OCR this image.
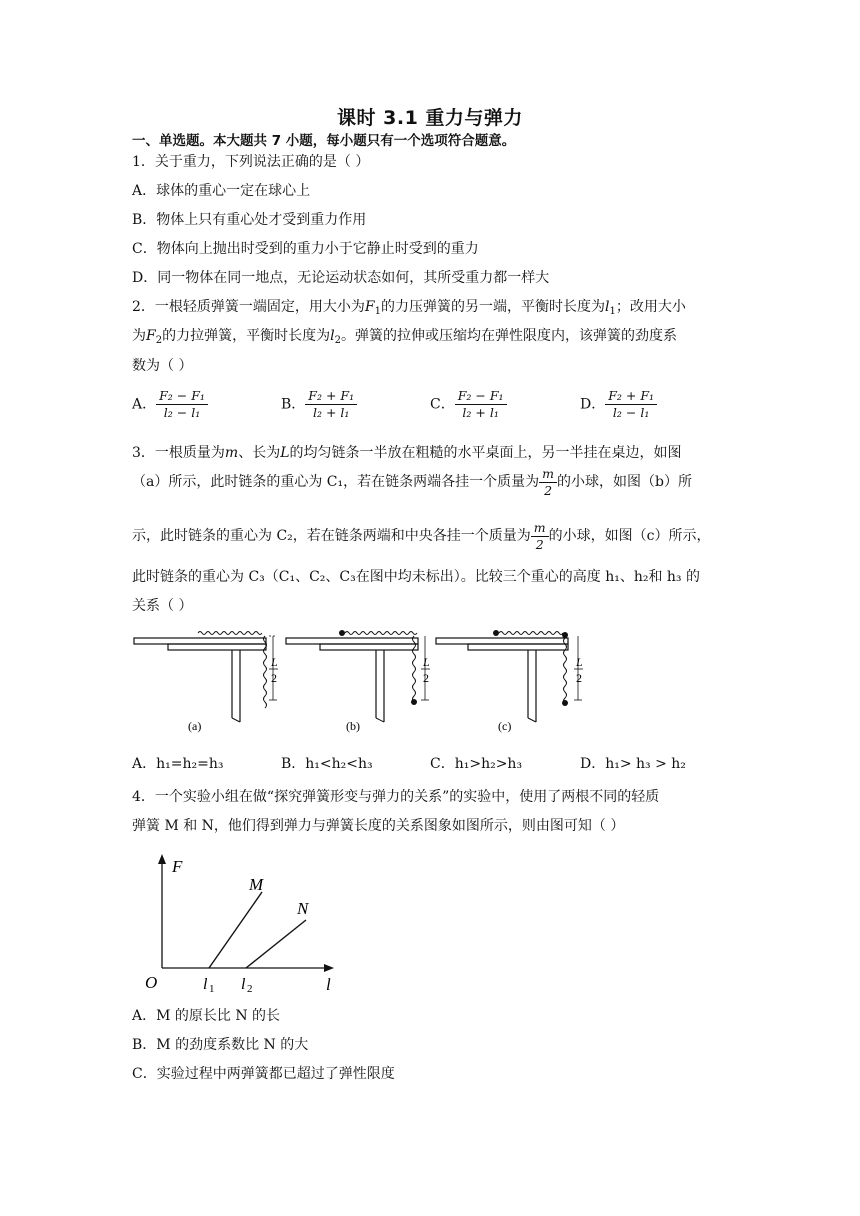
课时 3.1 重力与弹力
一、单选题。本大题共 7 小题，每小题只有一个选项符合题意。
1．关于重力，下列说法正确的是（ ）
A．球体的重心一定在球心上
B．物体上只有重心处才受到重力作用
C．物体向上抛出时受到的重力小于它静止时受到的重力
D．同一物体在同一地点，无论运动状态如何，其所受重力都一样大
2．一根轻质弹簧一端固定，用大小为$F_1$的力压弹簧的另一端，平衡时长度为$l_1$；改用大小
为$F_2$的力拉弹簧，平衡时长度为$l_2$。弹簧的拉伸或压缩均在弹性限度内，该弹簧的劲度系
数为（ ）
A． $\frac{\text{F₂ − F₁}}{\text{l₂ − l₁}}$	B． $\frac{\text{F₂ + F₁}}{\text{l₂ + l₁}}$	C． $\frac{\text{F₂ − F₁}}{\text{l₂ + l₁}}$	D． $\frac{\text{F₂ + F₁}}{\text{l₂ − l₁}}$
3．一根质量为m、长为L的均匀链条一半放在粗糙的水平桌面上，另一半挂在桌边，如图
（a）所示，此时链条的重心为 C₁，若在链条两端各挂一个质量为 $\frac{m}{2}$ 的小球，如图（b）所
示，此时链条的重心为 C₂，若在链条两端和中央各挂一个质量为 $\frac{m}{2}$ 的小球，如图（c）所示，
此时链条的重心为 C₃（C₁、C₂、C₃在图中均未标出）。比较三个重心的高度 h₁、h₂和 h₃ 的
关系（ ）
L
2
(a)
L
2
(b)
L
2
(c)
A．h₁=h₂=h₃	B．h₁<h₂<h₃	C．h₁>h₂>h₃	D．h₁> h₃ > h₂
4．一个实验小组在做“探究弹簧形变与弹力的关系”的实验中，使用了两根不同的轻质
弹簧 M 和 N，他们得到弹力与弹簧长度的关系图象如图所示，则由图可知（ ）
F
O	l
M
N
l 1 l 2
A．M 的原长比 N 的长
B．M 的劲度系数比 N 的大
C．实验过程中两弹簧都已超过了弹性限度
